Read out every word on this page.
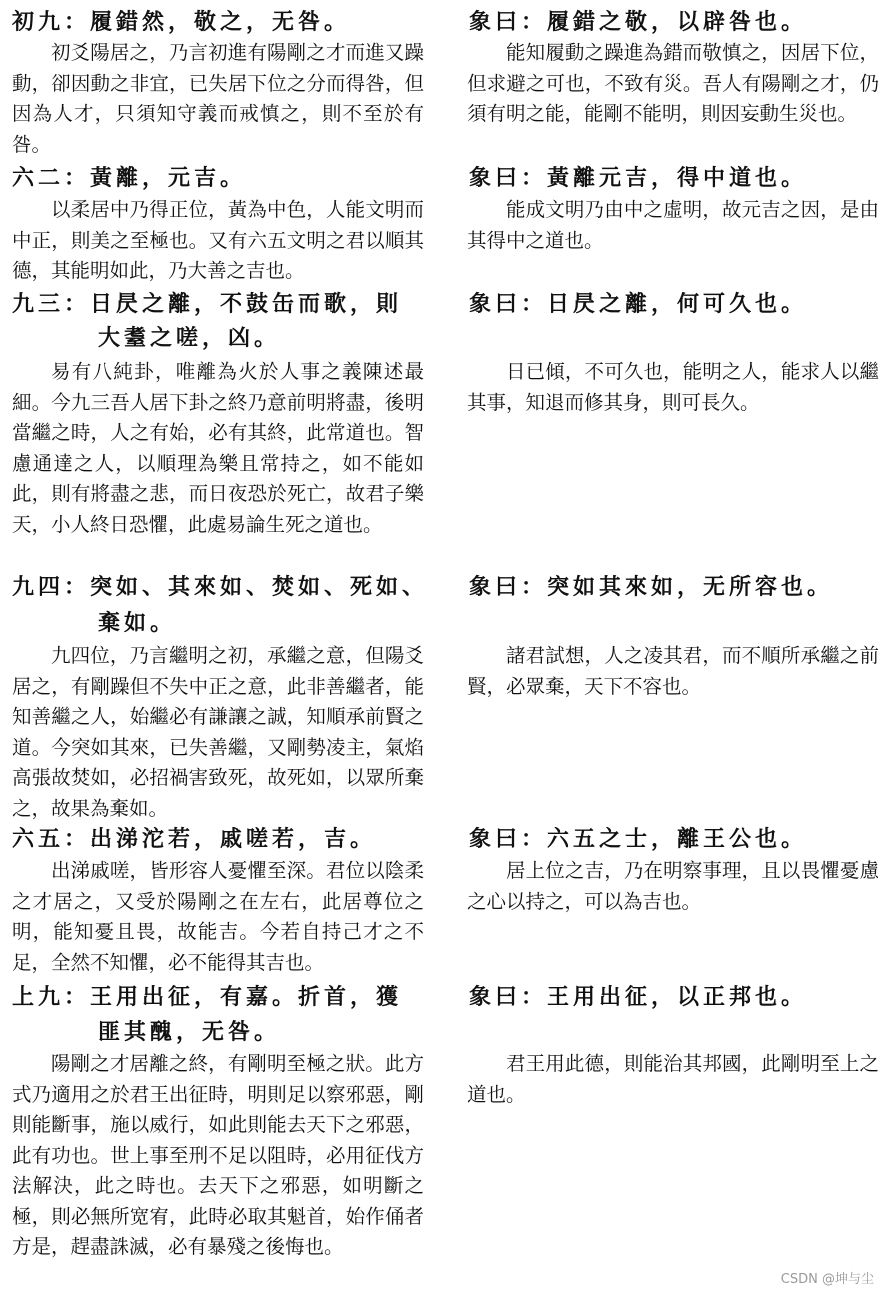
初九：履錯然，敬之，无咎。

初爻陽居之，乃言初進有陽剛之才而進又躁動，卻因動之非宜，已失居下位之分而得咎，但因為人才，只須知守義而戒慎之，則不至於有咎。

六二：黃離，元吉。

以柔居中乃得正位，黃為中色，人能文明而中正，則美之至極也。又有六五文明之君以順其德，其能明如此，乃大善之吉也。

九三：日昃之離，不鼓缶而歌，則

大耋之嗟，凶。

易有八純卦，唯離為火於人事之義陳述最細。今九三吾人居下卦之終乃意前明將盡，後明當繼之時，人之有始，必有其終，此常道也。智慮通達之人，以順理為樂且常持之，如不能如此，則有將盡之悲，而日夜恐於死亡，故君子樂天，小人終日恐懼，此處易論生死之道也。

九四：突如、其來如、焚如、死如、

棄如。

九四位，乃言繼明之初，承繼之意，但陽爻居之，有剛躁但不失中正之意，此非善繼者，能知善繼之人，始繼必有謙讓之誠，知順承前賢之道。今突如其來，已失善繼，又剛勢凌主，氣焰高張故焚如，必招禍害致死，故死如，以眾所棄之，故果為棄如。

六五：出涕沱若，戚嗟若，吉。

出涕戚嗟，皆形容人憂懼至深。君位以陰柔之才居之，又受於陽剛之在左右，此居尊位之明，能知憂且畏，故能吉。今若自持己才之不足，全然不知懼，必不能得其吉也。

上九：王用出征，有嘉。折首，獲

匪其醜，无咎。

陽剛之才居離之終，有剛明至極之狀。此方式乃適用之於君王出征時，明則足以察邪惡，剛則能斷事，施以威行，如此則能去天下之邪惡，此有功也。世上事至刑不足以阻時，必用征伐方法解決，此之時也。去天下之邪惡，如明斷之極，則必無所宽宥，此時必取其魁首，始作俑者方是，趕盡誅滅，必有暴殘之後悔也。

象曰：履錯之敬，以辟咎也。

能知履動之躁進為錯而敬慎之，因居下位，但求避之可也，不致有災。吾人有陽剛之才，仍須有明之能，能剛不能明，則因妄動生災也。

象曰：黃離元吉，得中道也。

能成文明乃由中之虛明，故元吉之因，是由其得中之道也。

象曰：日昃之離，何可久也。

日已傾，不可久也，能明之人，能求人以繼其事，知退而修其身，則可長久。

象曰：突如其來如，无所容也。

諸君試想，人之凌其君，而不順所承繼之前賢，必眾棄，天下不容也。

象曰：六五之士，離王公也。

居上位之吉，乃在明察事理，且以畏懼憂慮之心以持之，可以為吉也。

象曰：王用出征，以正邦也。

君王用此德，則能治其邦國，此剛明至上之道也。

CSDN @坤与尘
